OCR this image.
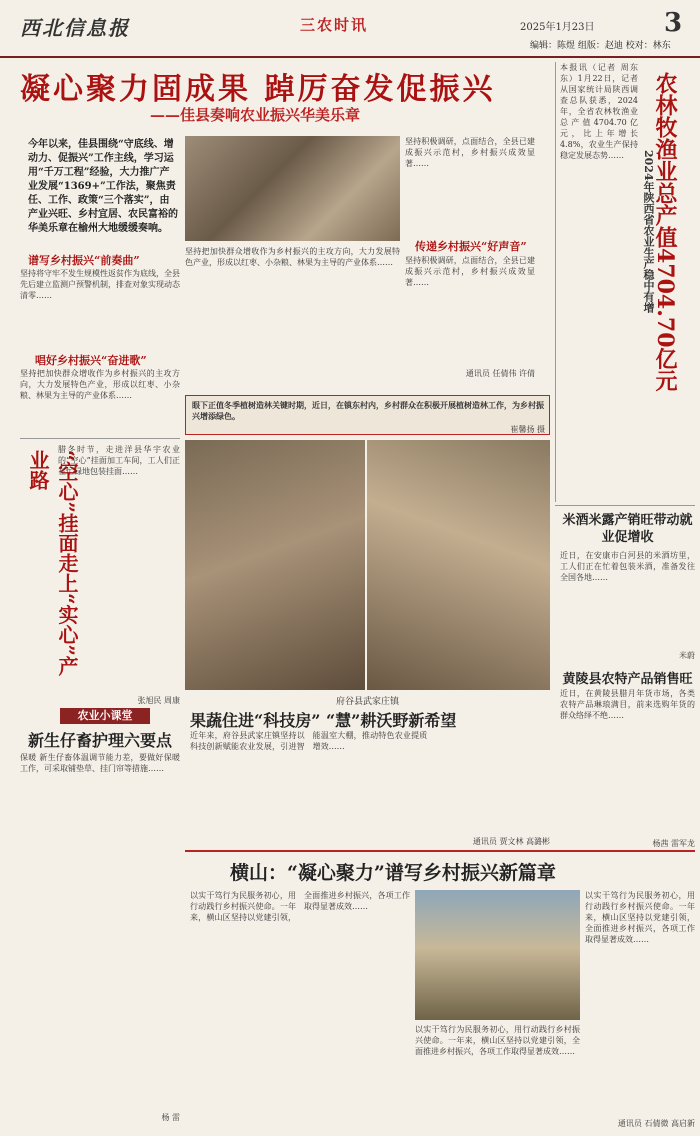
西北信息报	三农时讯	2025年1月23日	3
编辑：陈煜 组版：赵迪 校对：林东
凝心聚力固成果 踔厉奋发促振兴
——佳县奏响农业振兴华美乐章
今年以来，佳县围绕“守底线、增动力、促振兴”工作主线，学习运用“千万工程”经验，大力推广产业发展“1369+”工作法，聚焦责任、工作、政策“三个落实”，由产业兴旺、乡村宜居、农民富裕的华美乐章在榆州大地缓缓奏响。
坚持积极调研，点面结合，全县已建成振兴示范村，乡村振兴成效显著……
传递乡村振兴“好声音”
坚持积极调研，点面结合，全县已建成振兴示范村，乡村振兴成效显著……
通讯员 任倩伟 许倩
谱写乡村振兴“前奏曲”
坚持将守牢不发生规模性返贫作为底线，全县先后建立监测户预警机制，排查对象实现动态清零……
唱好乡村振兴“奋进歌”
坚持把加快群众增收作为乡村振兴的主攻方向，大力发展特色产业，形成以红枣、小杂粮、林果为主导的产业体系……
坚持把加快群众增收作为乡村振兴的主攻方向，大力发展特色产业，形成以红枣、小杂粮、林果为主导的产业体系……
眼下正值冬季植树造林关键时期，近日，在镇东村内，乡村群众在积极开展植树造林工作，为乡村振兴增添绿色。
崔馨扬 摄
本报讯（记者 周东东）1月22日，记者从国家统计局陕西调查总队获悉，2024年，全省农林牧渔业总产值4704.70亿元，比上年增长4.8%，农业生产保持稳定发展态势……	农林牧渔业总产值4704.70亿元
2024年陕西省农业生产稳中有增
“空心”挂面走上“实心”产业路
腊冬时节，走进洋县华宇农业的“空心”挂面加工车间，工人们正在忙碌地包装挂面……
张旭民 周康
农业小课堂
新生仔畜护理六要点
保暖 新生仔畜体温调节能力差，要做好保暖工作，可采取铺垫草、挂门帘等措施……
杨 雷
府谷县武家庄镇
果蔬住进“科技房” “慧”耕沃野新希望
近年来，府谷县武家庄镇坚持以科技创新赋能农业发展，引进智能温室大棚，推动特色农业提质增效……
通讯员 贾文林 高潞彬
米酒米露产销旺带动就业促增收
近日，在安康市白河县的米酒坊里，工人们正在忙着包装米酒，准备发往全国各地……
米蔚
黄陵县农特产品销售旺
近日，在黄陵县腊月年货市场，各类农特产品琳琅满目，前来选购年货的群众络绎不绝……
杨茜 雷军龙
横山：“凝心聚力”谱写乡村振兴新篇章
以实干笃行为民服务初心，用行动践行乡村振兴使命。一年来，横山区坚持以党建引领，全面推进乡村振兴，各项工作取得显著成效……
以实干笃行为民服务初心，用行动践行乡村振兴使命。一年来，横山区坚持以党建引领，全面推进乡村振兴，各项工作取得显著成效……
以实干笃行为民服务初心，用行动践行乡村振兴使命。一年来，横山区坚持以党建引领，全面推进乡村振兴，各项工作取得显著成效……
通讯员 石倩微 高启新
